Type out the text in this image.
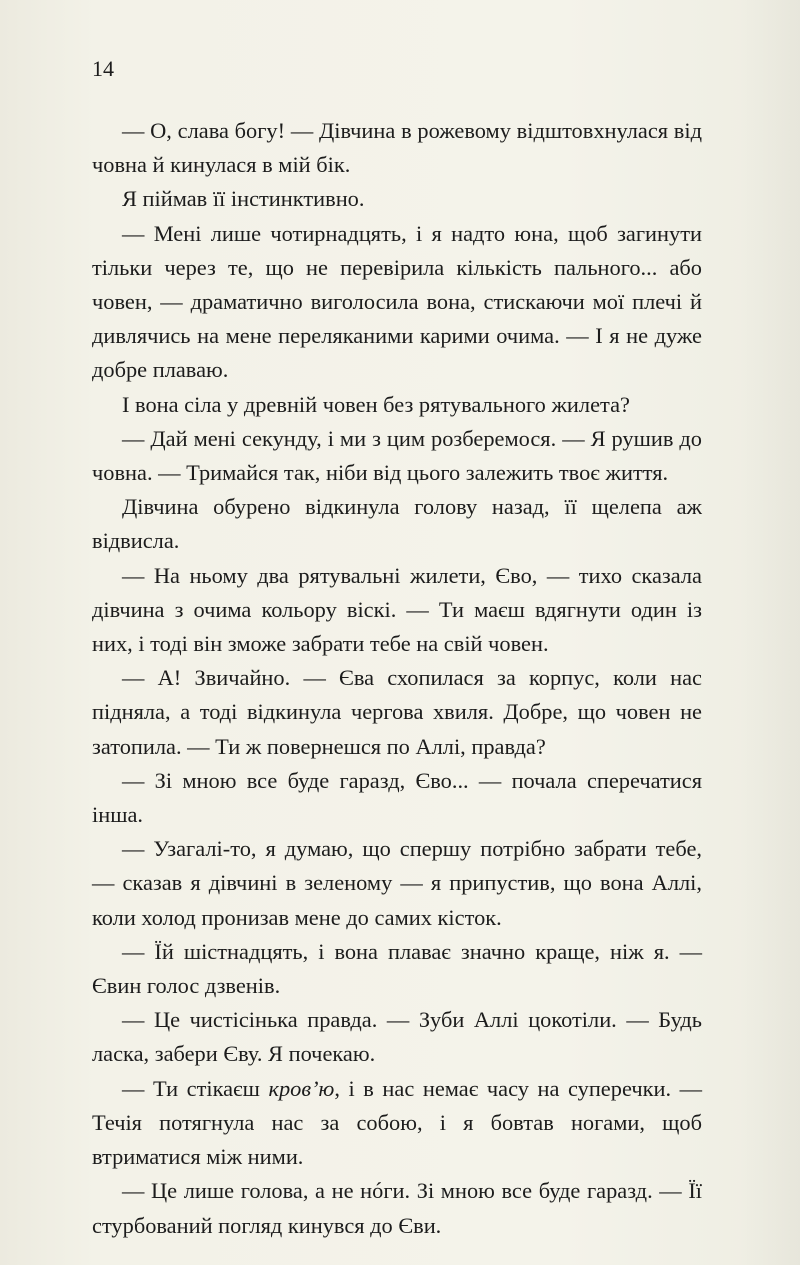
14

— О, слава богу! — Дівчина в рожевому відштовхнулася від човна й кинулася в мій бік.

Я піймав її інстинктивно.

— Мені лише чотирнадцять, і я надто юна, щоб загинути тільки через те, що не перевірила кількість пального... або човен, — драматично виголосила вона, стискаючи мої плечі й дивлячись на мене переляканими карими очима. — І я не дуже добре плаваю.

І вона сіла у древній човен без рятувального жилета?

— Дай мені секунду, і ми з цим розберемося. — Я рушив до човна. — Тримайся так, ніби від цього залежить твоє життя.

Дівчина обурено відкинула голову назад, її щелепа аж відвисла.

— На ньому два рятувальні жилети, Єво, — тихо сказала дівчина з очима кольору віскі. — Ти маєш вдягнути один із них, і тоді він зможе забрати тебе на свій човен.

— А! Звичайно. — Єва схопилася за корпус, коли нас підняла, а тоді відкинула чергова хвиля. Добре, що човен не затопила. — Ти ж повернешся по Аллі, правда?

— Зі мною все буде гаразд, Єво... — почала сперечатися інша.

— Узагалі-то, я думаю, що спершу потрібно забрати тебе, — сказав я дівчині в зеленому — я припустив, що вона Аллі, коли холод пронизав мене до самих кісток.

— Їй шістнадцять, і вона плаває значно краще, ніж я. — Євин голос дзвенів.

— Це чистісінька правда. — Зуби Аллі цокотіли. — Будь ласка, забери Єву. Я почекаю.

— Ти стікаєш кров’ю, і в нас немає часу на суперечки. — Течія потягнула нас за собою, і я бовтав ногами, щоб втриматися між ними.

— Це лише голова, а не нóги. Зі мною все буде гаразд. — Її стурбований погляд кинувся до Єви.
